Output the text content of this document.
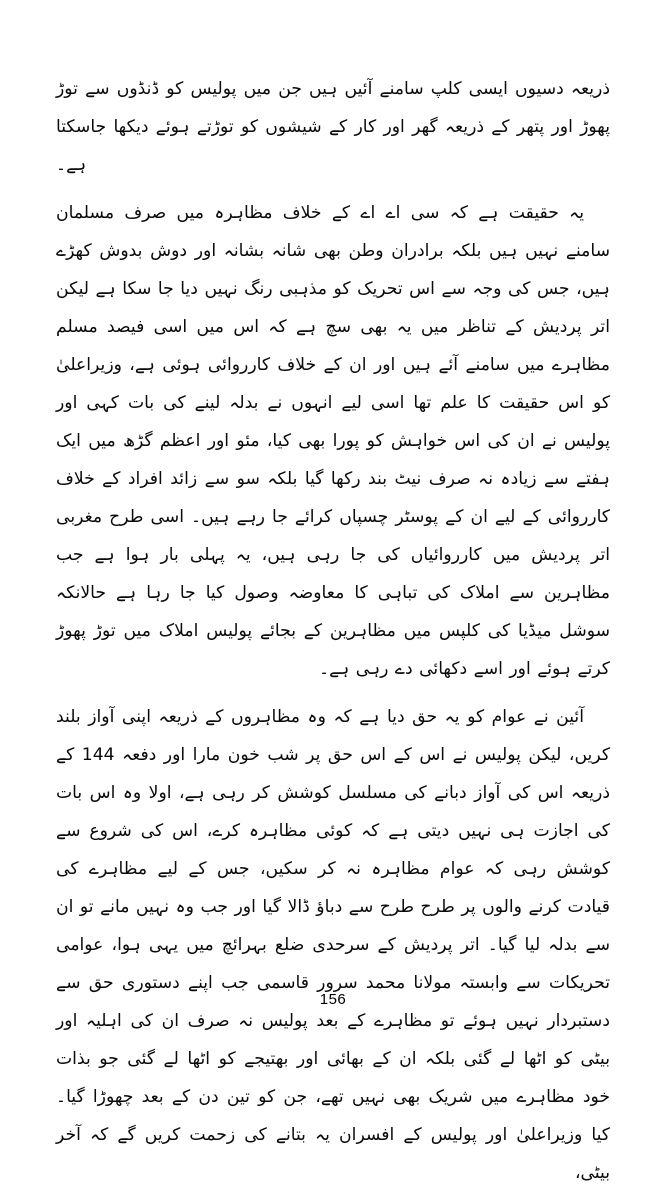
ذریعہ دسیوں ایسی کلپ سامنے آئیں ہیں جن میں پولیس کو ڈنڈوں سے توڑ پھوڑ اور پتھر کے ذریعہ گھر اور کار کے شیشوں کو توڑتے ہوئے دیکھا جاسکتا ہے۔

یہ حقیقت ہے کہ سی اے اے کے خلاف مظاہرہ میں صرف مسلمان سامنے نہیں ہیں بلکہ برادران وطن بھی شانہ بشانہ اور دوش بدوش کھڑے ہیں، جس کی وجہ سے اس تحریک کو مذہبی رنگ نہیں دیا جا سکا ہے لیکن اتر پردیش کے تناظر میں یہ بھی سچ ہے کہ اس میں اسی فیصد مسلم مظاہرے میں سامنے آئے ہیں اور ان کے خلاف کارروائی ہوئی ہے، وزیراعلیٰ کو اس حقیقت کا علم تھا اسی لیے انہوں نے بدلہ لینے کی بات کہی اور پولیس نے ان کی اس خواہش کو پورا بھی کیا، مئو اور اعظم گڑھ میں ایک ہفتے سے زیادہ نہ صرف نیٹ بند رکھا گیا بلکہ سو سے زائد افراد کے خلاف کارروائی کے لیے ان کے پوسٹر چسپاں کرائے جا رہے ہیں۔ اسی طرح مغربی اتر پردیش میں کارروائیاں کی جا رہی ہیں، یہ پہلی بار ہوا ہے جب مظاہرین سے املاک کی تباہی کا معاوضہ وصول کیا جا رہا ہے حالانکہ سوشل میڈیا کی کلپس میں مظاہرین کے بجائے پولیس املاک میں توڑ پھوڑ کرتے ہوئے اور اسے دکھائی دے رہی ہے۔

آئین نے عوام کو یہ حق دیا ہے کہ وہ مظاہروں کے ذریعہ اپنی آواز بلند کریں، لیکن پولیس نے اس کے اس حق پر شب خون مارا اور دفعہ 144 کے ذریعہ اس کی آواز دبانے کی مسلسل کوشش کر رہی ہے، اولا وہ اس بات کی اجازت ہی نہیں دیتی ہے کہ کوئی مظاہرہ کرے، اس کی شروع سے کوشش رہی کہ عوام مظاہرہ نہ کر سکیں، جس کے لیے مظاہرے کی قیادت کرنے والوں پر طرح طرح سے دباؤ ڈالا گیا اور جب وہ نہیں مانے تو ان سے بدلہ لیا گیا۔ اتر پردیش کے سرحدی ضلع بہرائچ میں یہی ہوا، عوامی تحریکات سے وابستہ مولانا محمد سرور قاسمی جب اپنے دستوری حق سے دستبردار نہیں ہوئے تو مظاہرے کے بعد پولیس نہ صرف ان کی اہلیہ اور بیٹی کو اٹھا لے گئی بلکہ ان کے بھائی اور بھتیجے کو اٹھا لے گئی جو بذات خود مظاہرے میں شریک بھی نہیں تھے، جن کو تین دن کے بعد چھوڑا گیا۔ کیا وزیراعلیٰ اور پولیس کے افسران یہ بتانے کی زحمت کریں گے کہ آخر بیٹی،

156
